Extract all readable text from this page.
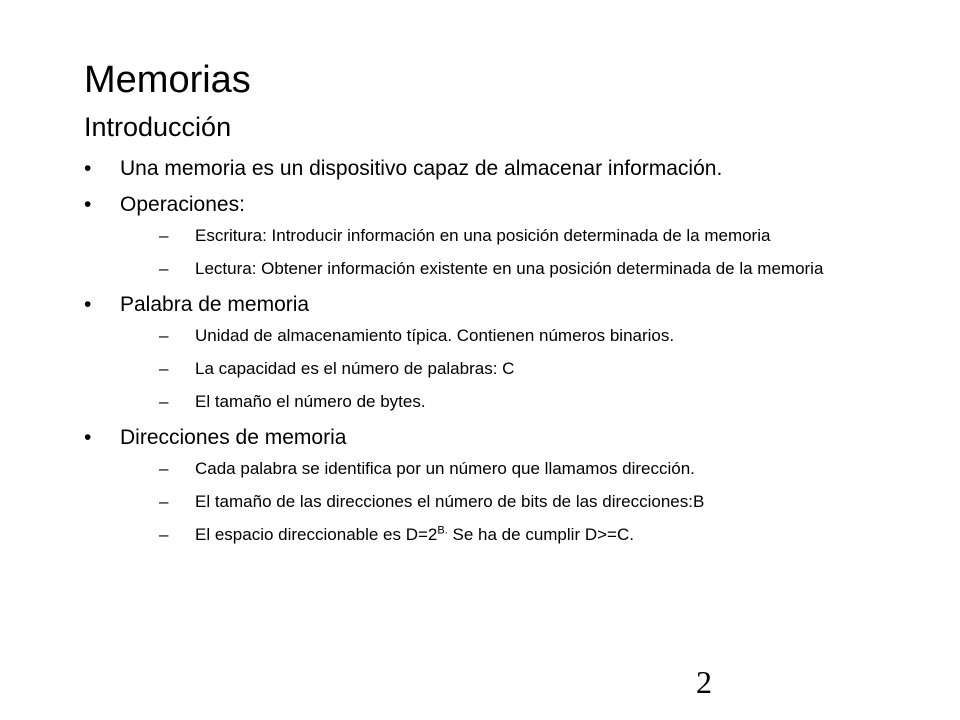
Memorias
Introducción
•	Una memoria es un dispositivo capaz de almacenar información.
•	Operaciones:
–	Escritura: Introducir información en una posición determinada de la memoria
–	Lectura: Obtener información existente en una posición determinada de la memoria
•	Palabra de memoria
–	Unidad de almacenamiento típica. Contienen números binarios.
–	La capacidad es el número de palabras: C
–	El tamaño el número de bytes.
•	Direcciones de memoria
–	Cada palabra se identifica por un número que llamamos dirección.
–	El tamaño de las direcciones el número de bits de las direcciones:B
–	El espacio direccionable es $D=2^{B.}$ Se ha de cumplir D>=C.
2
